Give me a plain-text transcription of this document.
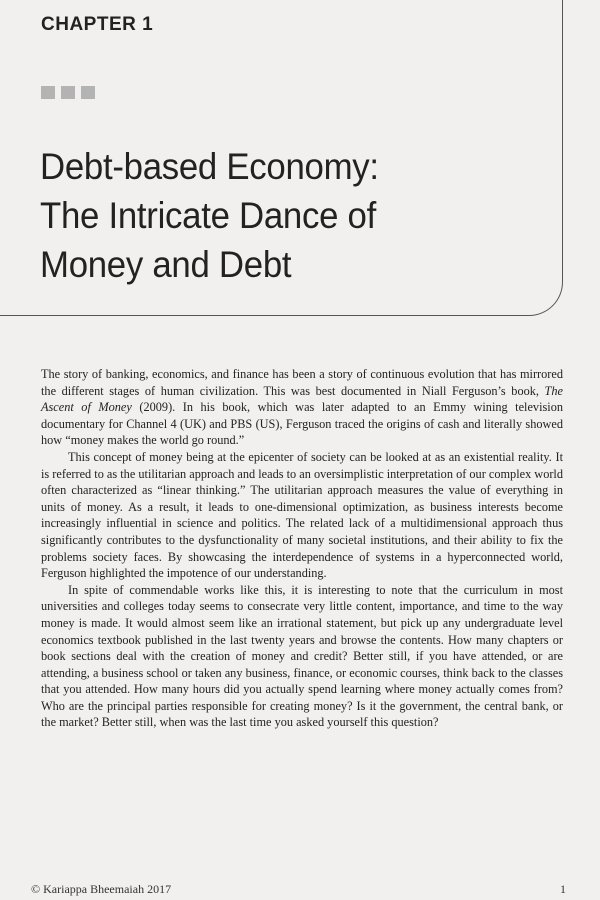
CHAPTER 1
Debt-based Economy:
The Intricate Dance of
Money and Debt

The story of banking, economics, and finance has been a story of continuous evolution that has mirrored the different stages of human civilization. This was best documented in Niall Ferguson’s book, The Ascent of Money (2009). In his book, which was later adapted to an Emmy wining television documentary for Channel 4 (UK) and PBS (US), Ferguson traced the origins of cash and literally showed how “money makes the world go round.”

This concept of money being at the epicenter of society can be looked at as an existential reality. It is referred to as the utilitarian approach and leads to an oversimplistic interpretation of our complex world often characterized as “linear thinking.” The utilitarian approach measures the value of everything in units of money. As a result, it leads to one-dimensional optimization, as business interests become increasingly influential in science and politics. The related lack of a multidimensional approach thus significantly contributes to the dysfunctionality of many societal institutions, and their ability to fix the problems society faces. By showcasing the interdependence of systems in a hyperconnected world, Ferguson highlighted the impotence of our understanding.

In spite of commendable works like this, it is interesting to note that the curriculum in most universities and colleges today seems to consecrate very little content, importance, and time to the way money is made. It would almost seem like an irrational statement, but pick up any undergraduate level economics textbook published in the last twenty years and browse the contents. How many chapters or book sections deal with the creation of money and credit? Better still, if you have attended, or are attending, a business school or taken any business, finance, or economic courses, think back to the classes that you attended. How many hours did you actually spend learning where money actually comes from? Who are the principal parties responsible for creating money? Is it the government, the central bank, or the market? Better still, when was the last time you asked yourself this question?

© Kariappa Bheemaiah 2017	1
